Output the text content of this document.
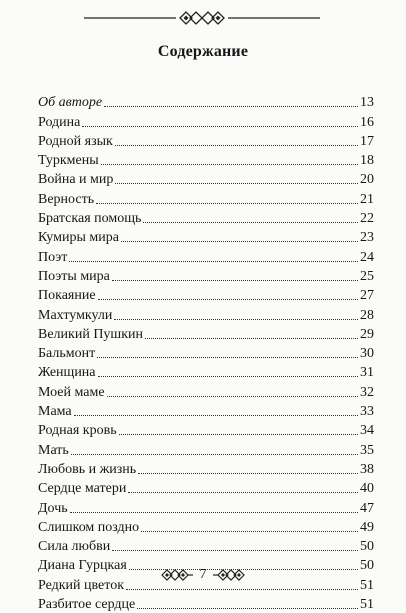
Содержание
Об авторе	13
Родина	16
Родной язык	17
Туркмены	18
Война и мир	20
Верность	21
Братская помощь	22
Кумиры мира	23
Поэт	24
Поэты мира	25
Покаяние	27
Махтумкули	28
Великий Пушкин	29
Бальмонт	30
Женщина	31
Моей маме	32
Мама	33
Родная кровь	34
Мать	35
Любовь и жизнь	38
Сердце матери	40
Дочь	47
Слишком поздно	49
Сила любви	50
Диана Гурцкая	50
Редкий цветок	51
Разбитое сердце	51
7
